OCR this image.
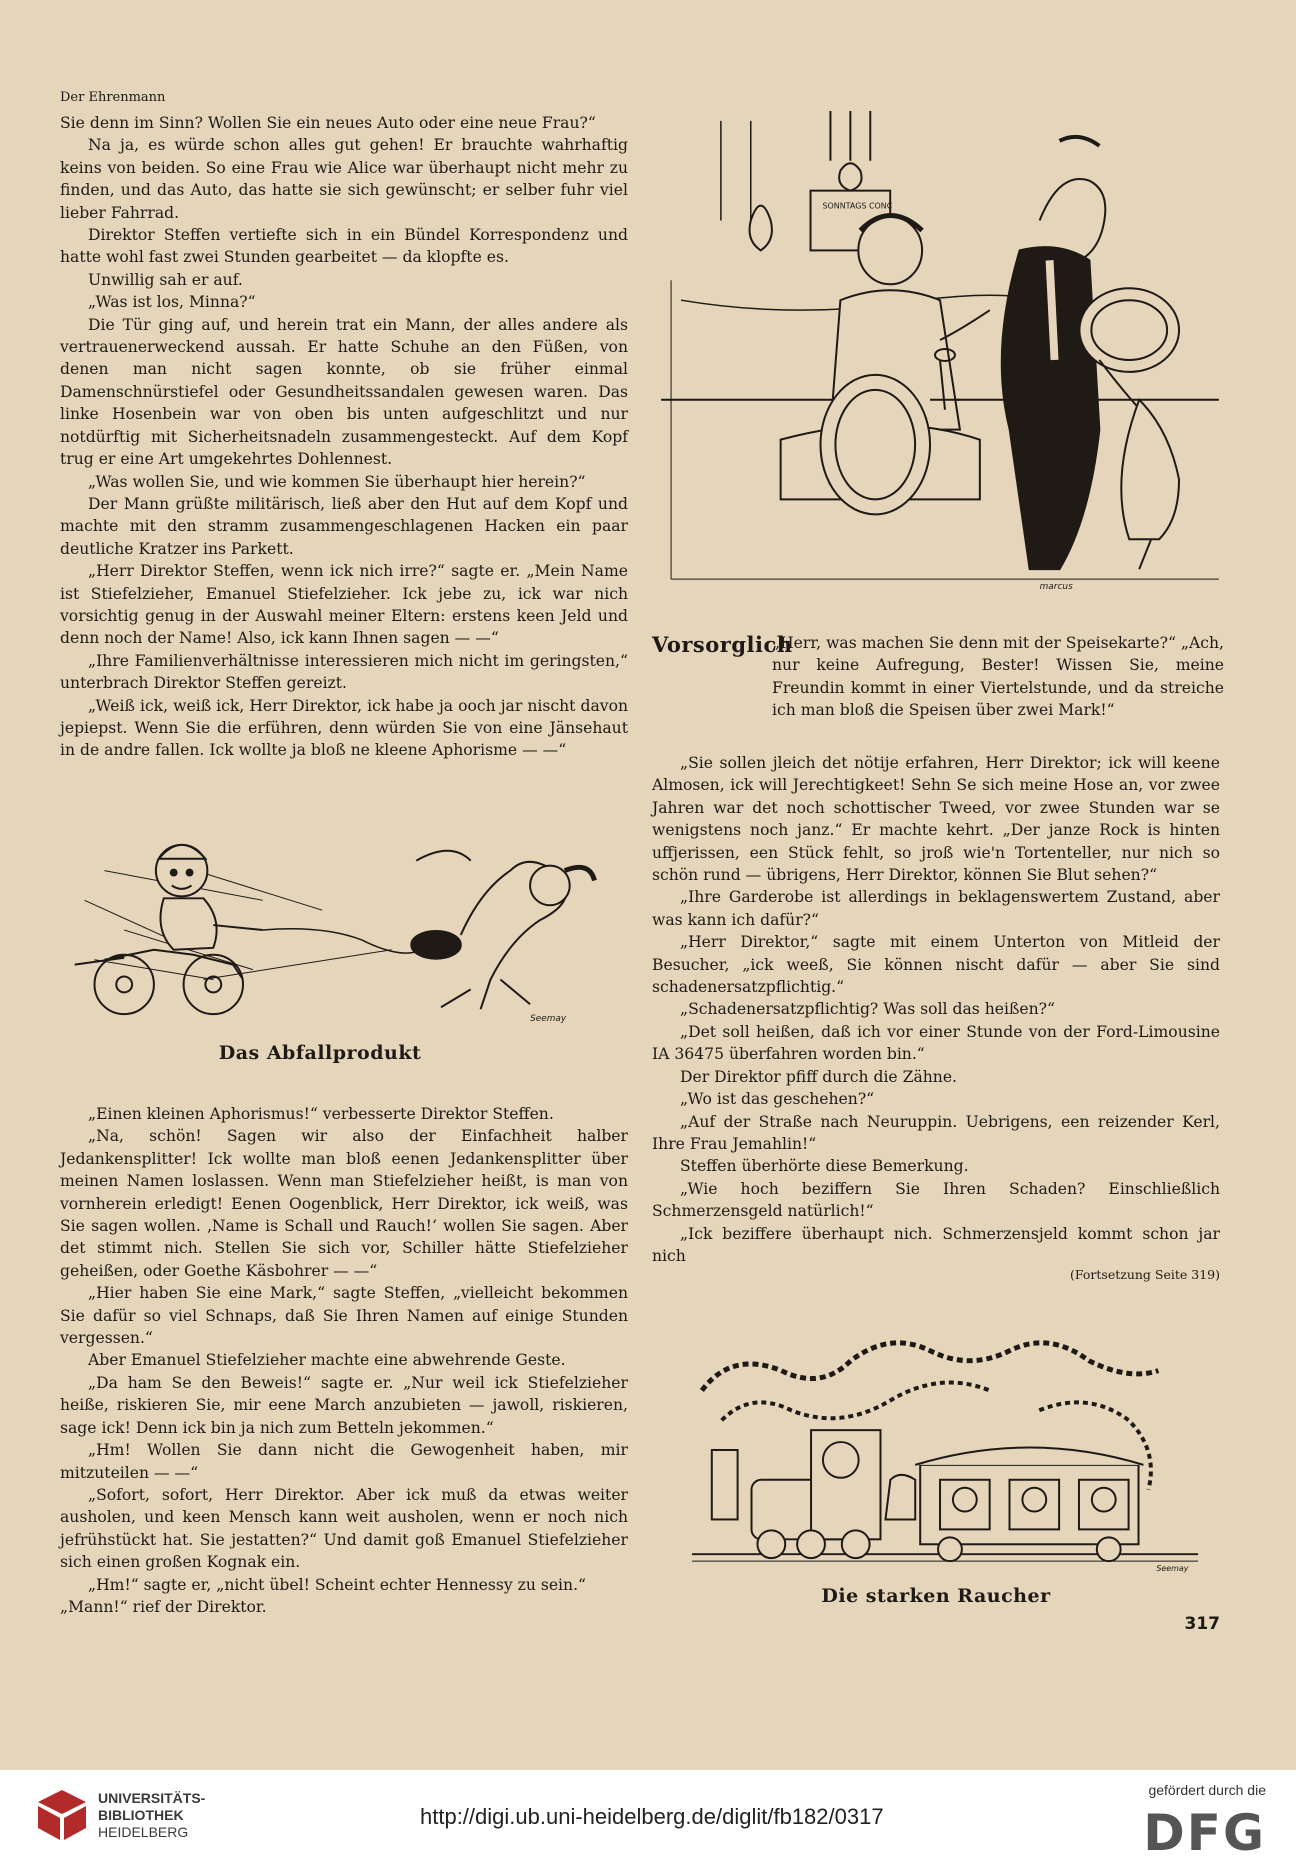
Der Ehrenmann

Sie denn im Sinn? Wollen Sie ein neues Auto oder eine neue Frau?“

Na ja, es würde schon alles gut gehen! Er brauchte wahrhaftig keins von beiden. So eine Frau wie Alice war überhaupt nicht mehr zu finden, und das Auto, das hatte sie sich gewünscht; er selber fuhr viel lieber Fahrrad.

Direktor Steffen vertiefte sich in ein Bündel Korrespondenz und hatte wohl fast zwei Stunden gearbeitet — da klopfte es.

Unwillig sah er auf.

„Was ist los, Minna?“

Die Tür ging auf, und herein trat ein Mann, der alles andere als vertrauenerweckend aussah. Er hatte Schuhe an den Füßen, von denen man nicht sagen konnte, ob sie früher einmal Damenschnürstiefel oder Gesundheitssandalen gewesen waren. Das linke Hosenbein war von oben bis unten aufgeschlitzt und nur notdürftig mit Sicherheitsnadeln zusammengesteckt. Auf dem Kopf trug er eine Art umgekehrtes Dohlennest.

„Was wollen Sie, und wie kommen Sie überhaupt hier herein?“

Der Mann grüßte militärisch, ließ aber den Hut auf dem Kopf und machte mit den stramm zusammengeschlagenen Hacken ein paar deutliche Kratzer ins Parkett.

„Herr Direktor Steffen, wenn ick nich irre?“ sagte er. „Mein Name ist Stiefelzieher, Emanuel Stiefelzieher. Ick jebe zu, ick war nich vorsichtig genug in der Auswahl meiner Eltern: erstens keen Jeld und denn noch der Name! Also, ick kann Ihnen sagen — —“

„Ihre Familienverhältnisse interessieren mich nicht im geringsten,“ unterbrach Direktor Steffen gereizt.

„Weiß ick, weiß ick, Herr Direktor, ick habe ja ooch jar nischt davon jepiepst. Wenn Sie die erführen, denn würden Sie von eine Jänsehaut in de andre fallen. Ick wollte ja bloß ne kleene Aphorisme — —“

Seemay
Das Abfallprodukt

„Einen kleinen Aphorismus!“ verbesserte Direktor Steffen.

„Na, schön! Sagen wir also der Einfachheit halber Jedankensplitter! Ick wollte man bloß eenen Jedankensplitter über meinen Namen loslassen. Wenn man Stiefelzieher heißt, is man von vornherein erledigt! Eenen Oogenblick, Herr Direktor, ick weiß, was Sie sagen wollen. ‚Name is Schall und Rauch!‘ wollen Sie sagen. Aber det stimmt nich. Stellen Sie sich vor, Schiller hätte Stiefelzieher geheißen, oder Goethe Käsbohrer — —“

„Hier haben Sie eine Mark,“ sagte Steffen, „vielleicht bekommen Sie dafür so viel Schnaps, daß Sie Ihren Namen auf einige Stunden vergessen.“

Aber Emanuel Stiefelzieher machte eine abwehrende Geste.

„Da ham Se den Beweis!“ sagte er. „Nur weil ick Stiefelzieher heiße, riskieren Sie, mir eene March anzubieten — jawoll, riskieren, sage ick! Denn ick bin ja nich zum Betteln jekommen.“

„Hm! Wollen Sie dann nicht die Gewogenheit haben, mir mitzuteilen — —“

„Sofort, sofort, Herr Direktor. Aber ick muß da etwas weiter ausholen, und keen Mensch kann weit ausholen, wenn er noch nich jefrühstückt hat. Sie jestatten?“ Und damit goß Emanuel Stiefelzieher sich einen großen Kognak ein.

„Hm!“ sagte er, „nicht übel! Scheint echter Hennessy zu sein.“

„Mann!“ rief der Direktor.

SONNTAGS CONC
marcus
Vorsorglich
„Herr, was machen Sie denn mit der Speisekarte?“ „Ach, nur keine Aufregung, Bester! Wissen Sie, meine Freundin kommt in einer Viertelstunde, und da streiche ich man bloß die Speisen über zwei Mark!“

„Sie sollen jleich det nötije erfahren, Herr Direktor; ick will keene Almosen, ick will Jerechtigkeet! Sehn Se sich meine Hose an, vor zwee Jahren war det noch schottischer Tweed, vor zwee Stunden war se wenigstens noch janz.“ Er machte kehrt. „Der janze Rock is hinten uffjerissen, een Stück fehlt, so jroß wie'n Tortenteller, nur nich so schön rund — übrigens, Herr Direktor, können Sie Blut sehen?“

„Ihre Garderobe ist allerdings in beklagenswertem Zustand, aber was kann ich dafür?“

„Herr Direktor,“ sagte mit einem Unterton von Mitleid der Besucher, „ick weeß, Sie können nischt dafür — aber Sie sind schadenersatzpflichtig.“

„Schadenersatzpflichtig? Was soll das heißen?“

„Det soll heißen, daß ich vor einer Stunde von der Ford-Limousine IA 36475 überfahren worden bin.“

Der Direktor pfiff durch die Zähne.

„Wo ist das geschehen?“

„Auf der Straße nach Neuruppin. Uebrigens, een reizender Kerl, Ihre Frau Jemahlin!“

Steffen überhörte diese Bemerkung.

„Wie hoch beziffern Sie Ihren Schaden? Einschließlich Schmerzensgeld natürlich!“

„Ick beziffere überhaupt nich. Schmerzensjeld kommt schon jar nich

(Fortsetzung Seite 319)
Seemay
Die starken Raucher
317
UNIVERSITÄTS-
BIBLIOTHEK
HEIDELBERG
http://digi.ub.uni-heidelberg.de/diglit/fb182/0317
gefördert durch die
DFG
